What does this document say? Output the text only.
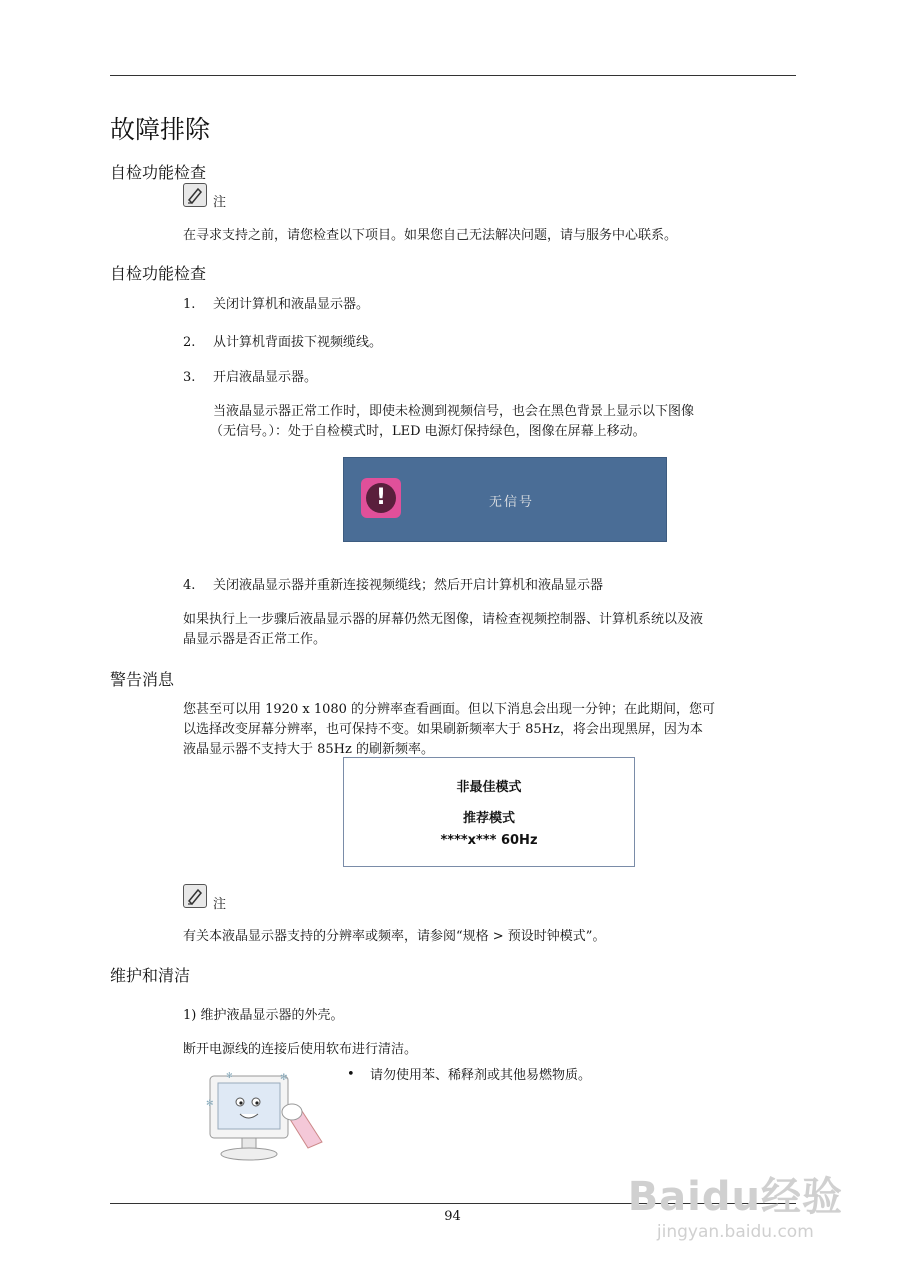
故障排除
自检功能检查
注
在寻求支持之前，请您检查以下项目。如果您自己无法解决问题，请与服务中心联系。
自检功能检查
1. 关闭计算机和液晶显示器。
2. 从计算机背面拔下视频缆线。
3. 开启液晶显示器。
当液晶显示器正常工作时，即使未检测到视频信号，也会在黑色背景上显示以下图像
（无信号。）：处于自检模式时，LED 电源灯保持绿色，图像在屏幕上移动。
!	无信号
4. 关闭液晶显示器并重新连接视频缆线；然后开启计算机和液晶显示器
如果执行上一步骤后液晶显示器的屏幕仍然无图像，请检查视频控制器、计算机系统以及液
晶显示器是否正常工作。
警告消息
您甚至可以用 1920 x 1080 的分辨率查看画面。但以下消息会出现一分钟；在此期间，您可
以选择改变屏幕分辨率，也可保持不变。如果刷新频率大于 85Hz，将会出现黑屏，因为本
液晶显示器不支持大于 85Hz 的刷新频率。
非最佳模式
推荐模式
****x*** 60Hz
注
有关本液晶显示器支持的分辨率或频率，请参阅“规格 > 预设时钟模式”。
维护和清洁
1) 维护液晶显示器的外壳。
断开电源线的连接后使用软布进行清洁。
• 请勿使用苯、稀释剂或其他易燃物质。
✻
✻	✻
94	Baidu经验
jingyan.baidu.com
